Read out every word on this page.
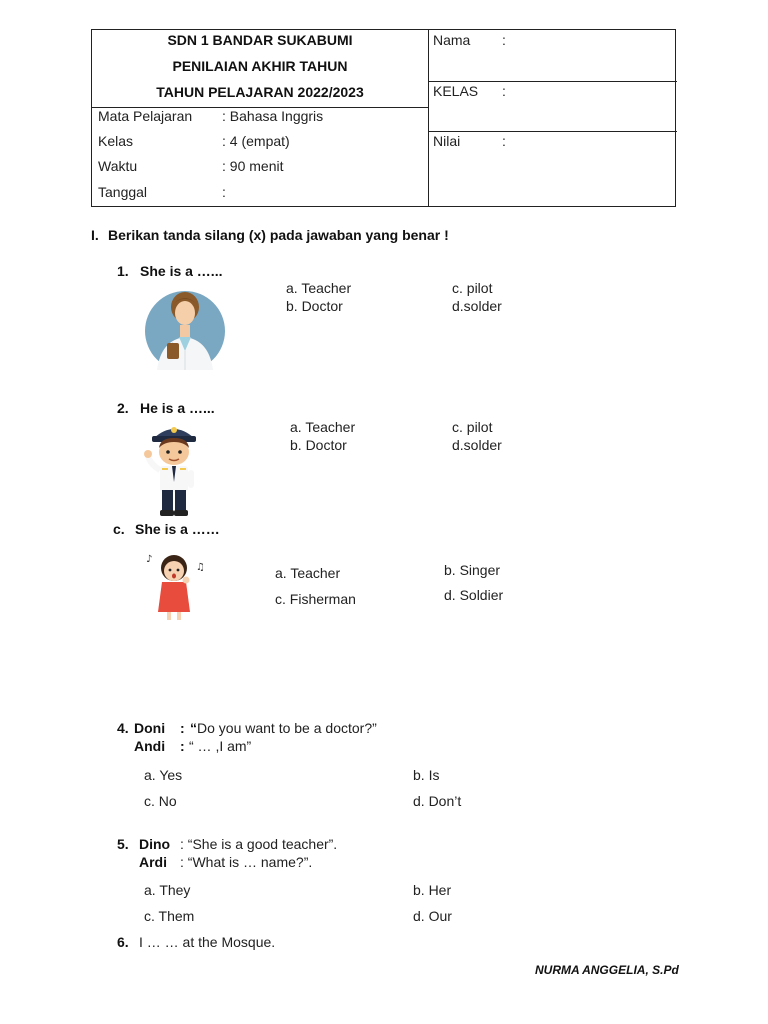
SDN 1 BANDAR SUKABUMI
PENILAIAN AKHIR TAHUN
TAHUN PELAJARAN 2022/2023
Mata Pelajaran : Bahasa Inggris
Kelas	: 4 (empat)
Waktu	: 90 menit
Tanggal	:
Nama :
KELAS :
Nilai	:
I. Berikan tanda silang (x) pada jawaban yang benar !
1. She is a …...
a. Teacher
b. Doctor
c. pilot
d.solder
2. He is a …...
a. Teacher
b. Doctor
c. pilot
d.solder
c. She is a ……
♪
♫	a. Teacher
c. Fisherman
b. Singer
d. Soldier
4. Doni : “ Do you want to be a doctor?”
Andi : “ … ,I am”
a. Yes
c. No
b. Is
d. Don’t
5. Dino : “She is a good teacher”.
Ardi : “What is … name?”.
a. They
c. Them
b. Her
d. Our
6. I … … at the Mosque.
NURMA ANGGELIA, S.Pd
